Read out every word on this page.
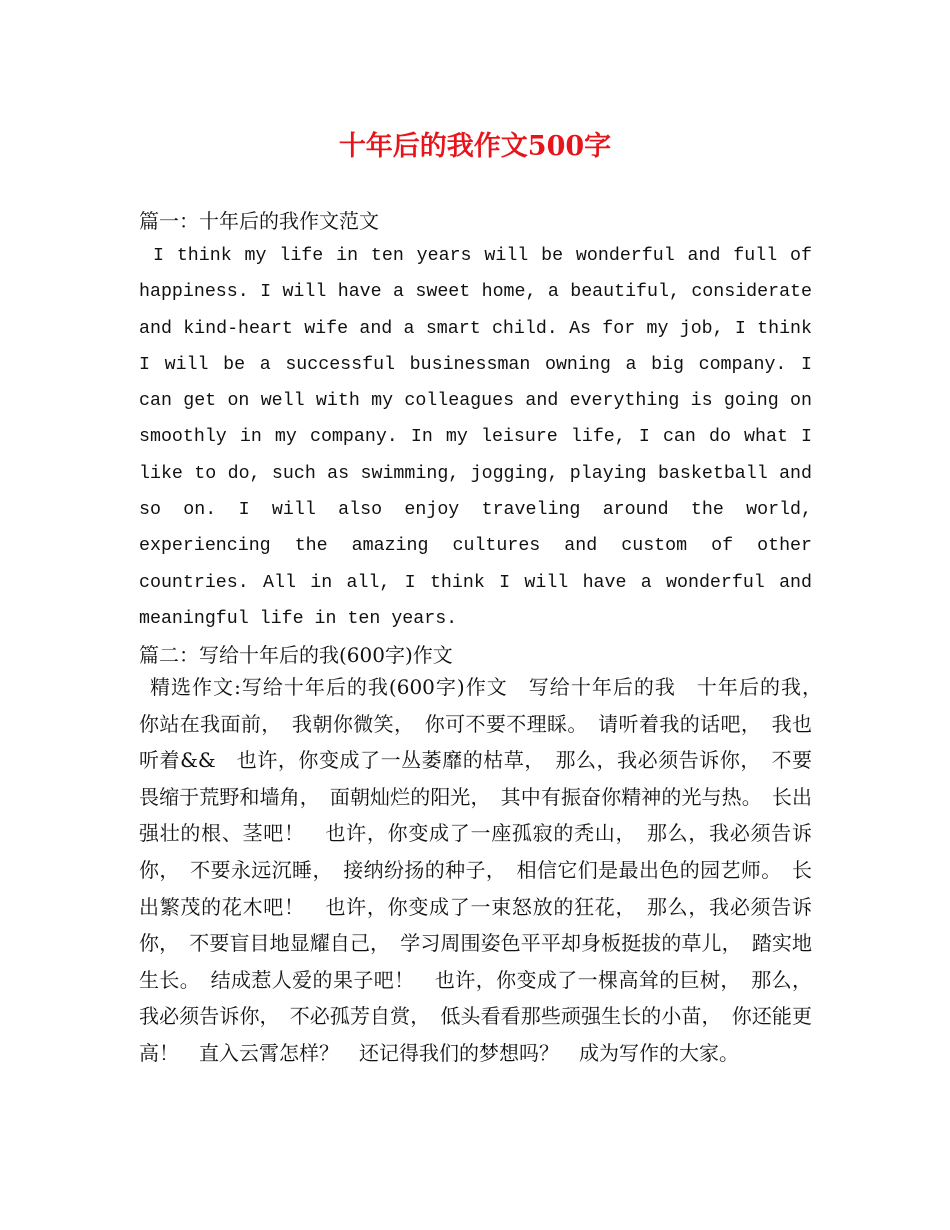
十年后的我作文500字

篇一：十年后的我作文范文

I think my life in ten years will be wonderful and full of happiness. I will have a sweet home, a beautiful, considerate and kind-heart wife and a smart child. As for my job, I think I will be a successful businessman owning a big company. I can get on well with my colleagues and everything is going on smoothly in my company. In my leisure life, I can do what I like to do, such as swimming, jogging, playing basketball and so on. I will also enjoy traveling around the world, experiencing the amazing cultures and custom of other countries. All in all, I think I will have a wonderful and meaningful life in ten years.

篇二：写给十年后的我(600字)作文

精选作文:写给十年后的我(600字)作文　写给十年后的我　十年后的我，　你站在我面前，　我朝你微笑，　你可不要不理睬。　请听着我的话吧，　我也听着&&　也许，你变成了一丛萎靡的枯草，　那么，我必须告诉你，　不要畏缩于荒野和墙角，　面朝灿烂的阳光，　其中有振奋你精神的光与热。　长出强壮的根、茎吧！　也许，你变成了一座孤寂的秃山，　那么，我必须告诉你，　不要永远沉睡，　接纳纷扬的种子，　相信它们是最出色的园艺师。　长出繁茂的花木吧！　也许，你变成了一束怒放的狂花，　那么，我必须告诉你，　不要盲目地显耀自己，　学习周围姿色平平却身板挺拔的草儿，　踏实地生长。　结成惹人爱的果子吧！　也许，你变成了一棵高耸的巨树，　那么，我必须告诉你，　不必孤芳自赏，　低头看看那些顽强生长的小苗，　你还能更高！　直入云霄怎样？　还记得我们的梦想吗？　成为写作的大家。
